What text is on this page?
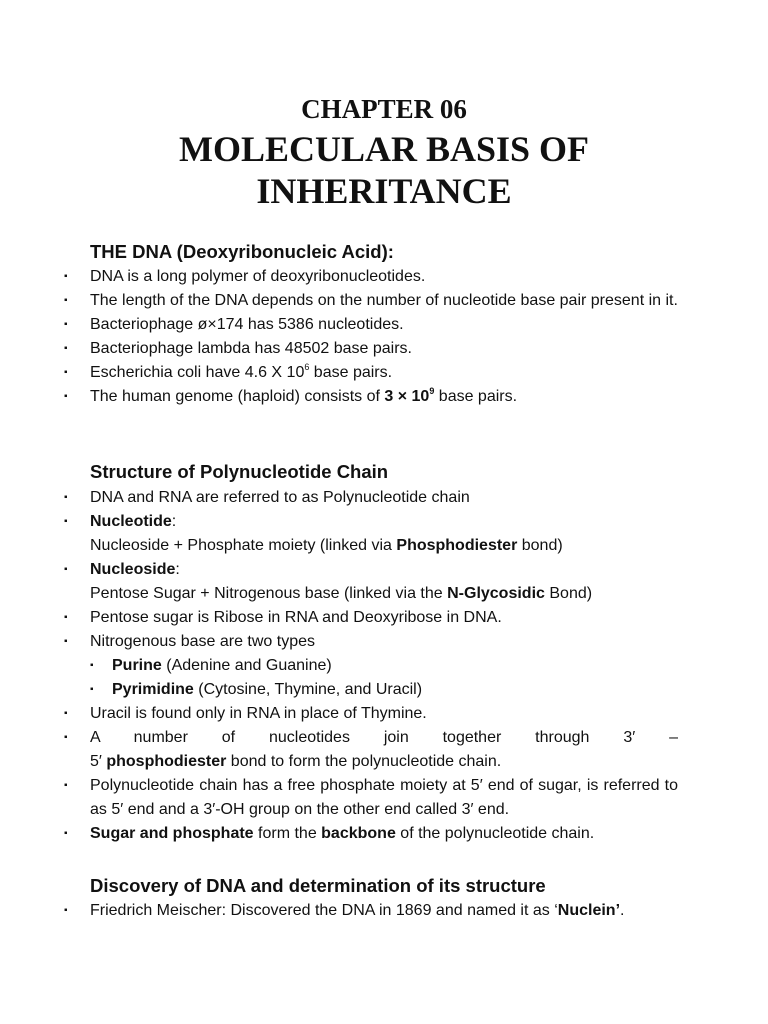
CHAPTER 06
MOLECULAR BASIS OF
INHERITANCE
THE DNA (Deoxyribonucleic Acid):
▪ DNA is a long polymer of deoxyribonucleotides.
▪ The length of the DNA depends on the number of nucleotide base pair present in it.
▪ Bacteriophage ø×174 has 5386 nucleotides.
▪ Bacteriophage lambda has 48502 base pairs.
▪ Escherichia coli have 4.6 X $10^6$ base pairs.
▪ The human genome (haploid) consists of $3 \times 10^9$ base pairs.
Structure of Polynucleotide Chain
▪ DNA and RNA are referred to as Polynucleotide chain
▪ Nucleotide:
Nucleoside + Phosphate moiety (linked via Phosphodiester bond)
▪ Nucleoside:
Pentose Sugar + Nitrogenous base (linked via the N-Glycosidic Bond)
▪ Pentose sugar is Ribose in RNA and Deoxyribose in DNA.
▪ Nitrogenous base are two types
▪ Purine (Adenine and Guanine)
▪ Pyrimidine (Cytosine, Thymine, and Uracil)
▪ Uracil is found only in RNA in place of Thymine.
▪ A number of nucleotides join together through 3′ –
5′ phosphodiester bond to form the polynucleotide chain.
▪ Polynucleotide chain has a free phosphate moiety at 5′ end of sugar, is referred to as 5′ end and a 3′-OH group on the other end called 3′ end.
▪ Sugar and phosphate form the backbone of the polynucleotide chain.
Discovery of DNA and determination of its structure
▪ Friedrich Meischer: Discovered the DNA in 1869 and named it as ‘Nuclein’.
